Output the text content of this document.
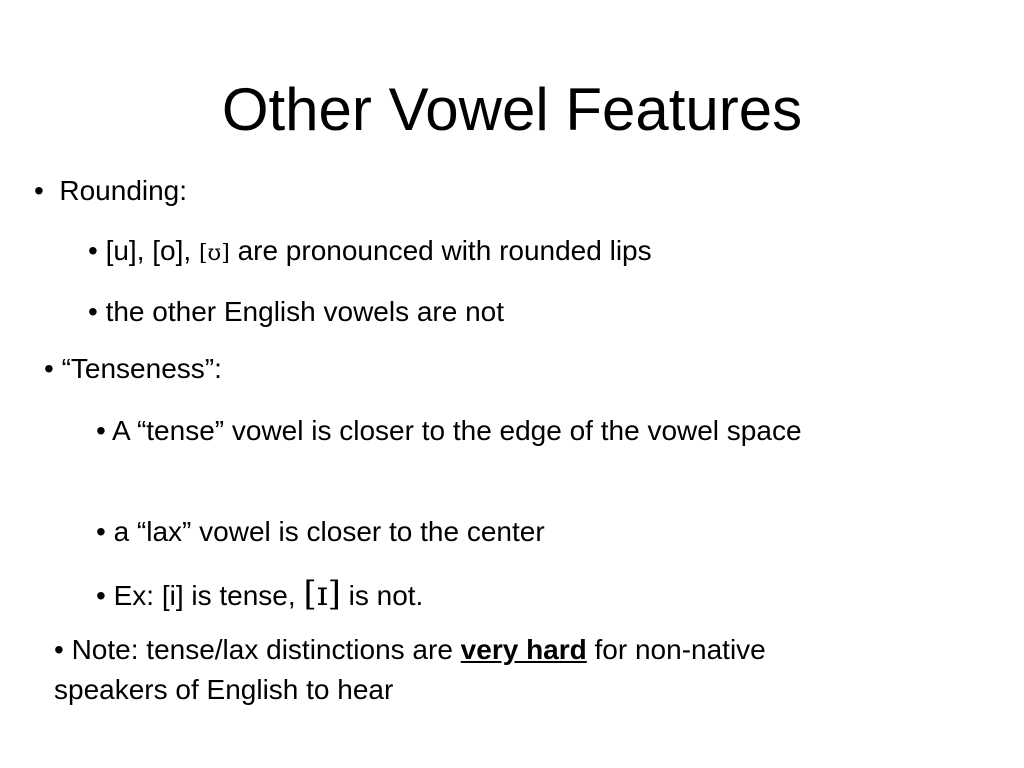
Other Vowel Features
•  Rounding:
• [u], [o], [ʊ] are pronounced with rounded lips
• the other English vowels are not
• “Tenseness”:
• A “tense” vowel is closer to the edge of the vowel space
• a “lax” vowel is closer to the center
• Ex: [i] is tense, [ɪ] is not.
• Note: tense/lax distinctions are very hard for non-native speakers of English to hear
